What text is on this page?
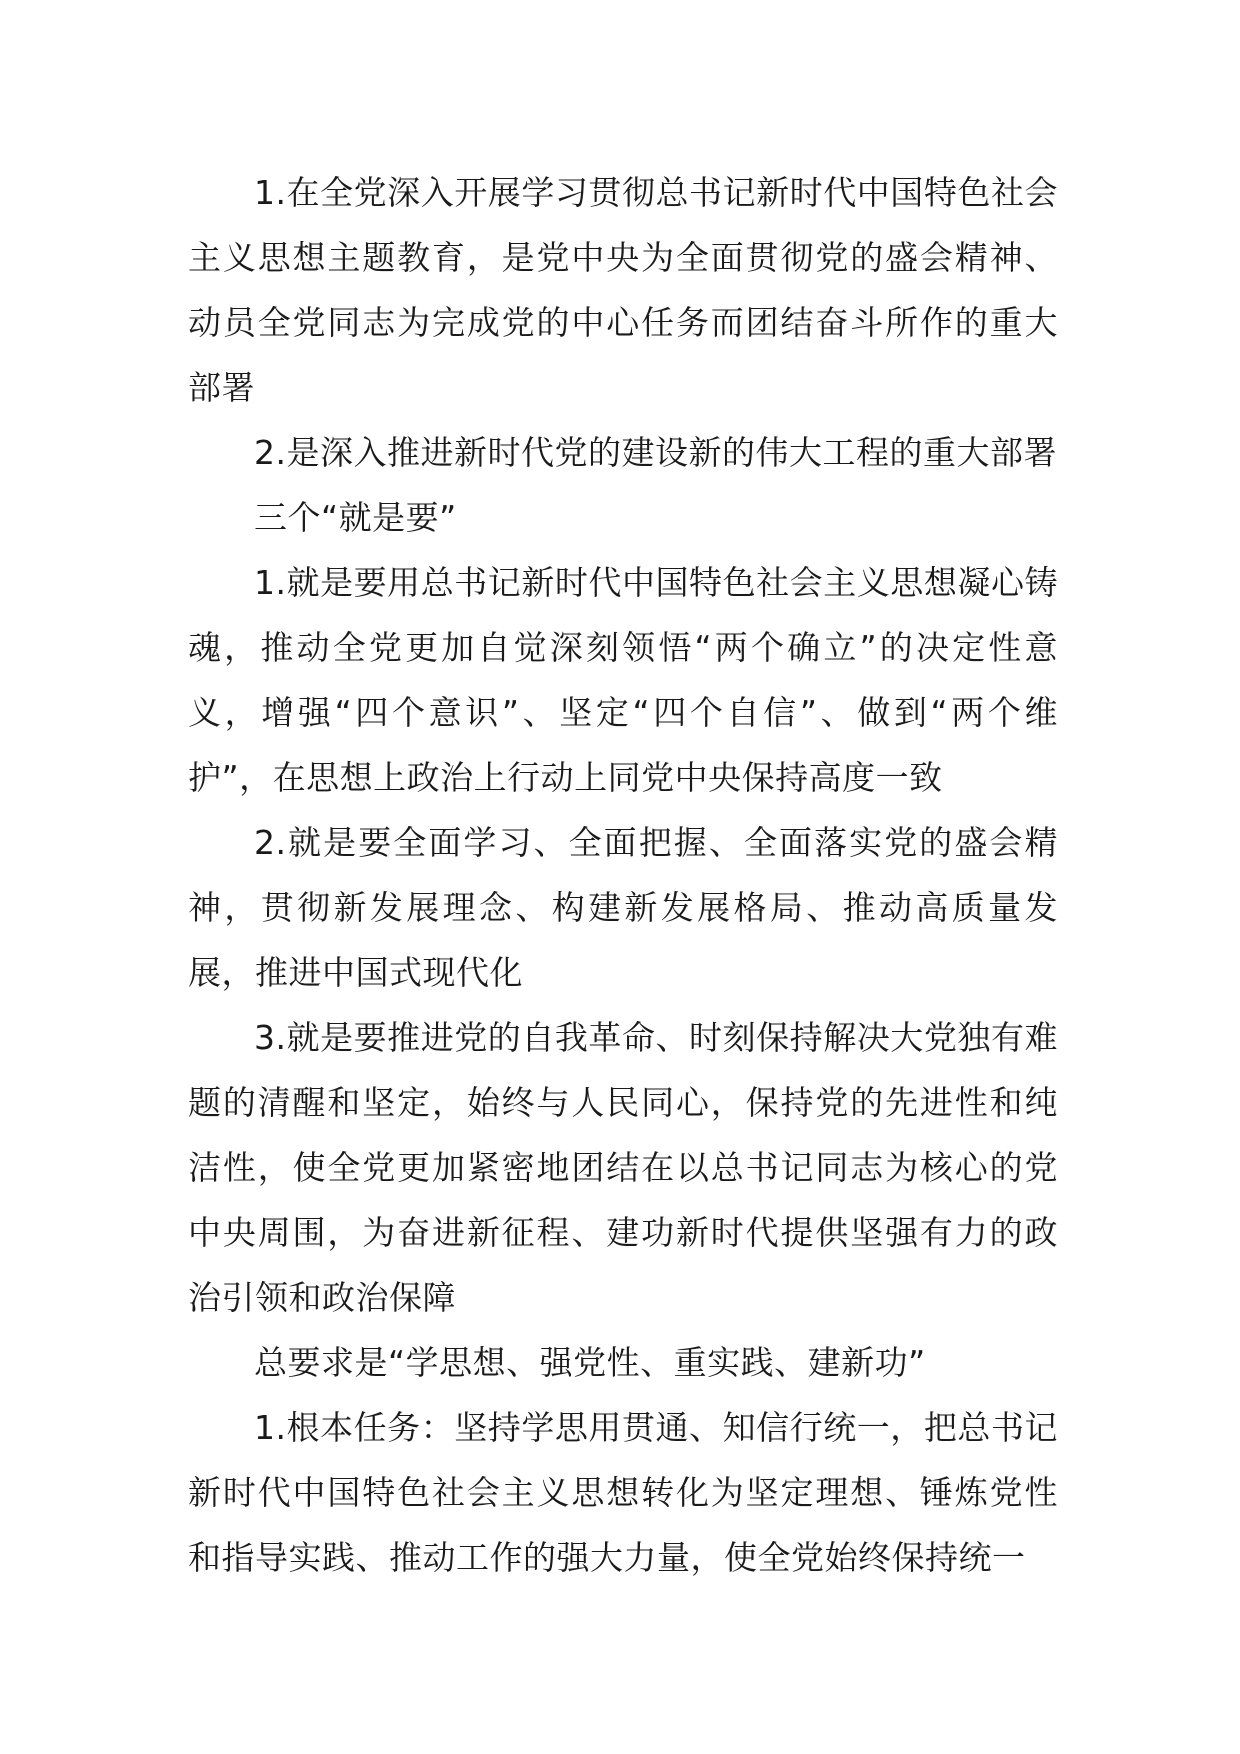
1.在全党深入开展学习贯彻总书记新时代中国特色社会主义思想主题教育，是党中央为全面贯彻党的盛会精神、动员全党同志为完成党的中心任务而团结奋斗所作的重大部署

2.是深入推进新时代党的建设新的伟大工程的重大部署

三个“就是要”

1.就是要用总书记新时代中国特色社会主义思想凝心铸魂，推动全党更加自觉深刻领悟“两个确立”的决定性意义，增强“四个意识”、坚定“四个自信”、做到“两个维护”，在思想上政治上行动上同党中央保持高度一致

2.就是要全面学习、全面把握、全面落实党的盛会精神，贯彻新发展理念、构建新发展格局、推动高质量发展，推进中国式现代化

3.就是要推进党的自我革命、时刻保持解决大党独有难题的清醒和坚定，始终与人民同心，保持党的先进性和纯洁性，使全党更加紧密地团结在以总书记同志为核心的党中央周围，为奋进新征程、建功新时代提供坚强有力的政治引领和政治保障

总要求是“学思想、强党性、重实践、建新功”

1.根本任务：坚持学思用贯通、知信行统一，把总书记新时代中国特色社会主义思想转化为坚定理想、锤炼党性和指导实践、推动工作的强大力量，使全党始终保持统一
